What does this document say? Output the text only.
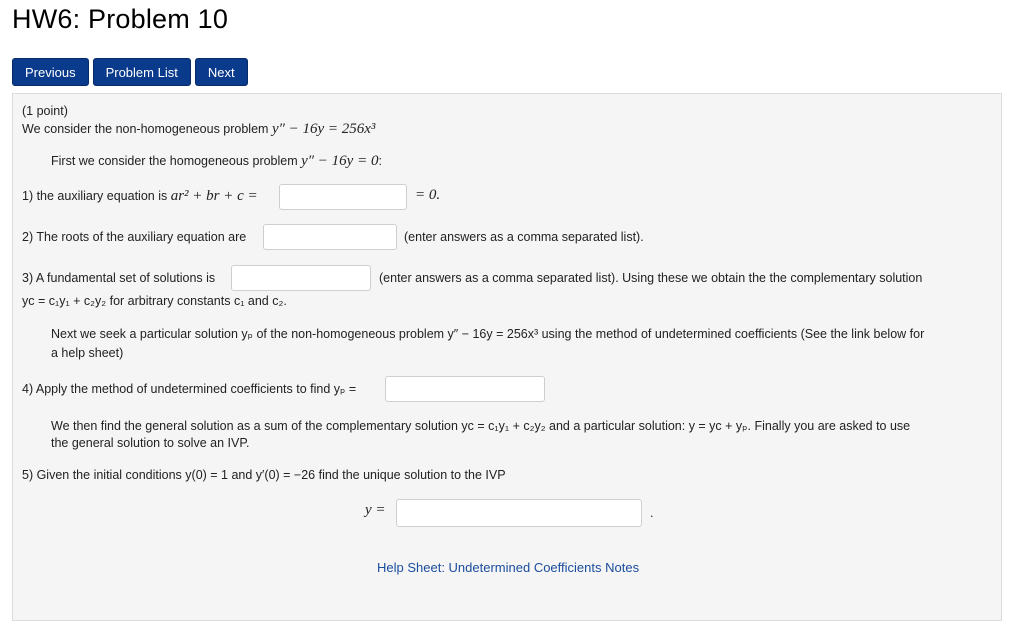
HW6: Problem 10
Previous	Problem List	Next
(1 point)
We consider the non-homogeneous problem y″ − 16y = 256x³
First we consider the homogeneous problem y″ − 16y = 0:
1) the auxiliary equation is ar² + br + c =	= 0.
2) The roots of the auxiliary equation are	(enter answers as a comma separated list).
3) A fundamental set of solutions is	(enter answers as a comma separated list). Using these we obtain the the complementary solution
yᴄ = c₁y₁ + c₂y₂ for arbitrary constants c₁ and c₂.
Next we seek a particular solution yₚ of the non-homogeneous problem y″ − 16y = 256x³ using the method of undetermined coefficients (See the link below for
a help sheet)
4) Apply the method of undetermined coefficients to find yₚ =
We then find the general solution as a sum of the complementary solution yᴄ = c₁y₁ + c₂y₂ and a particular solution: y = yᴄ + yₚ. Finally you are asked to use
the general solution to solve an IVP.
5) Given the initial conditions y(0) = 1 and y′(0) = −26 find the unique solution to the IVP
y =	.
Help Sheet: Undetermined Coefficients Notes
